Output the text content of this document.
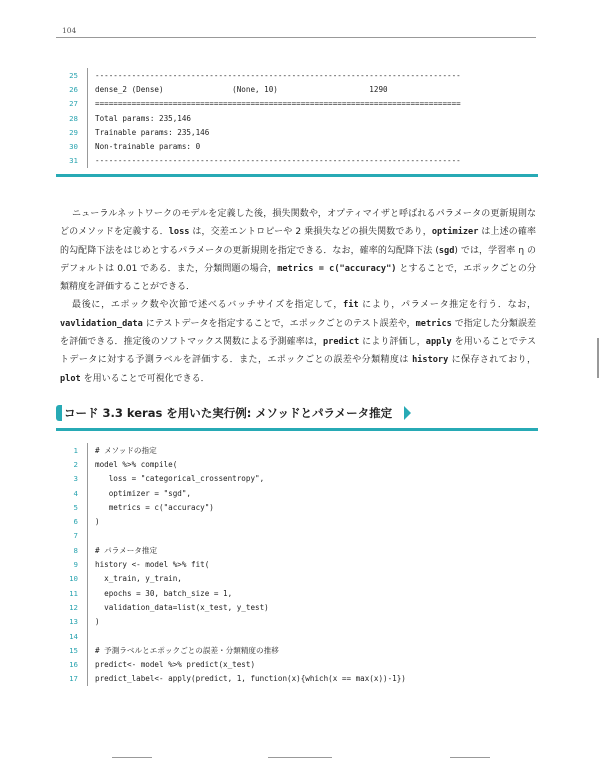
104
25	--------------------------------------------------------------------------------
26	dense_2 (Dense)               (None, 10)                    1290
27	================================================================================
28	Total params: 235,146
29	Trainable params: 235,146
30	Non-trainable params: 0
31	--------------------------------------------------------------------------------

ニューラルネットワークのモデルを定義した後，損失関数や，オプティマイザと呼ばれるパラメータの更新規則などのメソッドを定義する．loss は，交差エントロピーや 2 乗損失などの損失関数であり，optimizer は上述の確率的勾配降下法をはじめとするパラメータの更新規則を指定できる．なお，確率的勾配降下法 (sgd) では，学習率 η のデフォルトは 0.01 である．また，分類問題の場合，metrics = c("accuracy") とすることで，エポックごとの分類精度を評価することができる．

最後に，エポック数や次節で述べるバッチサイズを指定して，fit により，パラメータ推定を行う．なお，vavlidation_data にテストデータを指定することで，エポックごとのテスト誤差や，metrics で指定した分類誤差を評価できる．推定後のソフトマックス関数による予測確率は，predict により評価し，apply を用いることでテストデータに対する予測ラベルを評価する．また，エポックごとの誤差や分類精度は history に保存されており，plot を用いることで可視化できる．

コード 3.3 keras を用いた実行例: メソッドとパラメータ推定
1	# メソッドの指定
2	model %>% compile(
3	loss = "categorical_crossentropy",
4	optimizer = "sgd",
5	metrics = c("accuracy")
6	)
7
8	# パラメータ推定
9	history <- model %>% fit(
10	x_train, y_train,
11	epochs = 30, batch_size = 1,
12	validation_data=list(x_test, y_test)
13	)
14
15	# 予測ラベルとエポックごとの誤差・分類精度の推移
16	predict<- model %>% predict(x_test)
17	predict_label<- apply(predict, 1, function(x){which(x == max(x))-1})
